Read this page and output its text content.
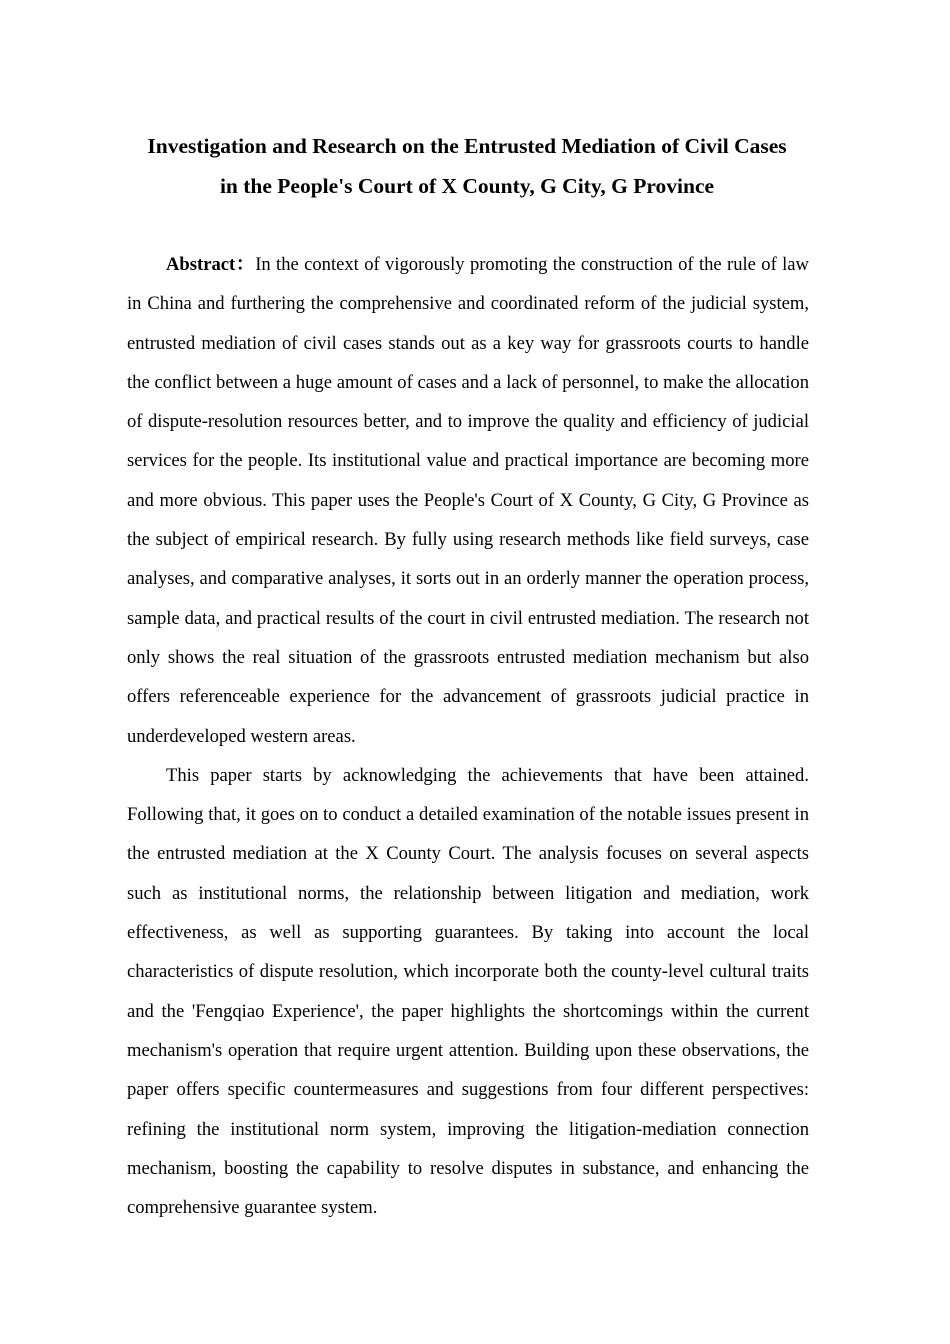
Investigation and Research on the Entrusted Mediation of Civil Cases
in the People's Court of X County, G City, G Province

Abstract：In the context of vigorously promoting the construction of the rule of law in China and furthering the comprehensive and coordinated reform of the judicial system, entrusted mediation of civil cases stands out as a key way for grassroots courts to handle the conflict between a huge amount of cases and a lack of personnel, to make the allocation of dispute-resolution resources better, and to improve the quality and efficiency of judicial services for the people. Its institutional value and practical importance are becoming more and more obvious. This paper uses the People's Court of X County, G City, G Province as the subject of empirical research. By fully using research methods like field surveys, case analyses, and comparative analyses, it sorts out in an orderly manner the operation process, sample data, and practical results of the court in civil entrusted mediation. The research not only shows the real situation of the grassroots entrusted mediation mechanism but also offers referenceable experience for the advancement of grassroots judicial practice in underdeveloped western areas.

This paper starts by acknowledging the achievements that have been attained. Following that, it goes on to conduct a detailed examination of the notable issues present in the entrusted mediation at the X County Court. The analysis focuses on several aspects such as institutional norms, the relationship between litigation and mediation, work effectiveness, as well as supporting guarantees. By taking into account the local characteristics of dispute resolution, which incorporate both the county-level cultural traits and the 'Fengqiao Experience', the paper highlights the shortcomings within the current mechanism's operation that require urgent attention. Building upon these observations, the paper offers specific countermeasures and suggestions from four different perspectives: refining the institutional norm system, improving the litigation-mediation connection mechanism, boosting the capability to resolve disputes in substance, and enhancing the comprehensive guarantee system.
